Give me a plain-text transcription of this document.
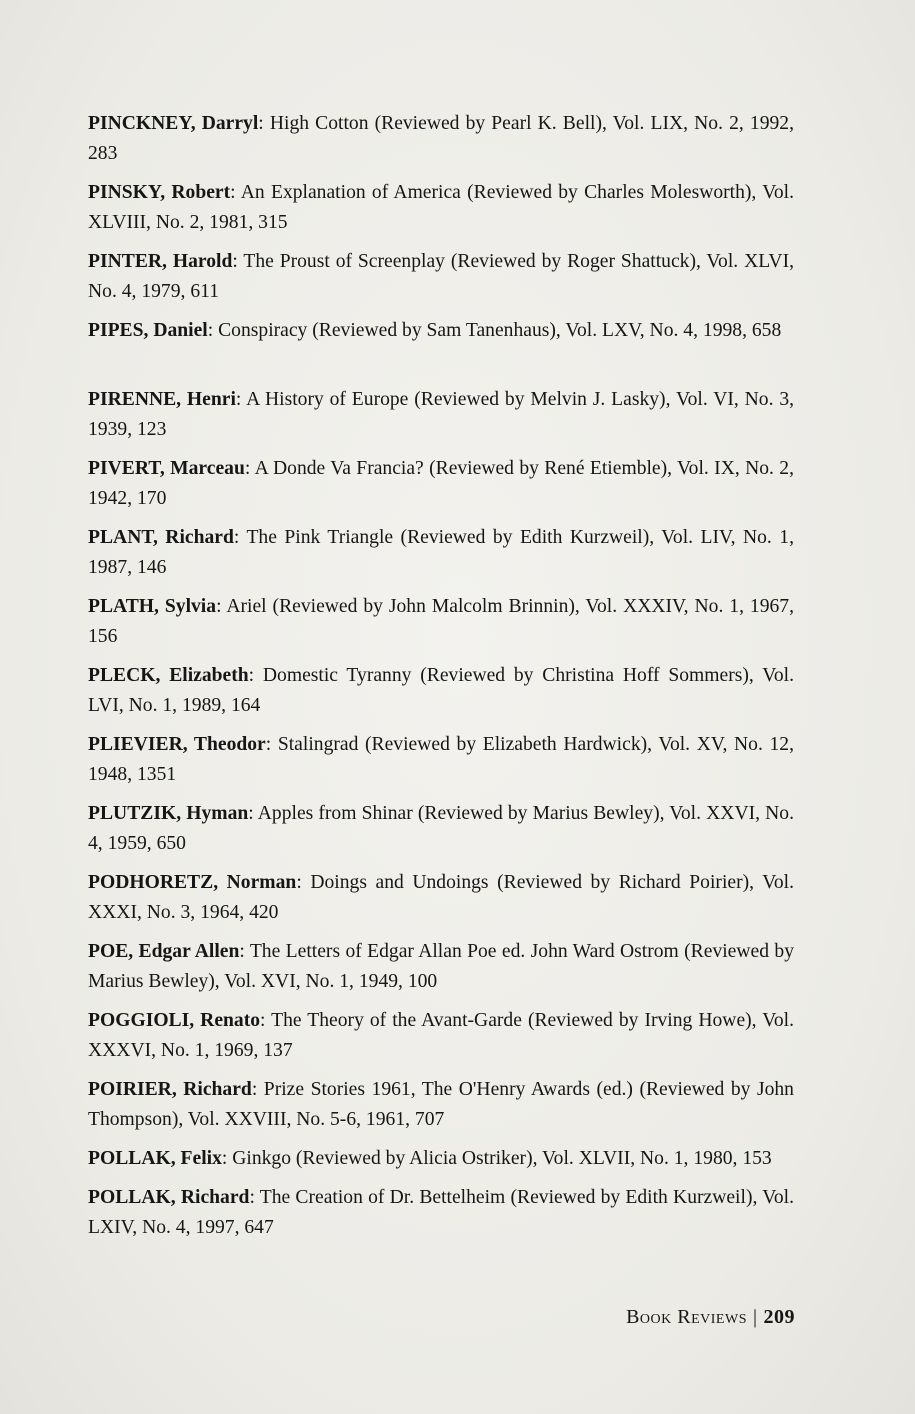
PINCKNEY, Darryl: High Cotton (Reviewed by Pearl K. Bell), Vol. LIX, No. 2, 1992, 283
PINSKY, Robert: An Explanation of America (Reviewed by Charles Molesworth), Vol. XLVIII, No. 2, 1981, 315
PINTER, Harold: The Proust of Screenplay (Reviewed by Roger Shattuck), Vol. XLVI, No. 4, 1979, 611
PIPES, Daniel: Conspiracy (Reviewed by Sam Tanenhaus), Vol. LXV, No. 4, 1998, 658
PIRENNE, Henri: A History of Europe (Reviewed by Melvin J. Lasky), Vol. VI, No. 3, 1939, 123
PIVERT, Marceau: A Donde Va Francia? (Reviewed by René Etiemble), Vol. IX, No. 2, 1942, 170
PLANT, Richard: The Pink Triangle (Reviewed by Edith Kurzweil), Vol. LIV, No. 1, 1987, 146
PLATH, Sylvia: Ariel (Reviewed by John Malcolm Brinnin), Vol. XXXIV, No. 1, 1967, 156
PLECK, Elizabeth: Domestic Tyranny (Reviewed by Christina Hoff Sommers), Vol. LVI, No. 1, 1989, 164
PLIEVIER, Theodor: Stalingrad (Reviewed by Elizabeth Hardwick), Vol. XV, No. 12, 1948, 1351
PLUTZIK, Hyman: Apples from Shinar (Reviewed by Marius Bewley), Vol. XXVI, No. 4, 1959, 650
PODHORETZ, Norman: Doings and Undoings (Reviewed by Richard Poirier), Vol. XXXI, No. 3, 1964, 420
POE, Edgar Allen: The Letters of Edgar Allan Poe ed. John Ward Ostrom (Reviewed by Marius Bewley), Vol. XVI, No. 1, 1949, 100
POGGIOLI, Renato: The Theory of the Avant-Garde (Reviewed by Irving Howe), Vol. XXXVI, No. 1, 1969, 137
POIRIER, Richard: Prize Stories 1961, The O'Henry Awards (ed.) (Reviewed by John Thompson), Vol. XXVIII, No. 5-6, 1961, 707
POLLAK, Felix: Ginkgo (Reviewed by Alicia Ostriker), Vol. XLVII, No. 1, 1980, 153
POLLAK, Richard: The Creation of Dr. Bettelheim (Reviewed by Edith Kurzweil), Vol. LXIV, No. 4, 1997, 647
Book Reviews | 209
